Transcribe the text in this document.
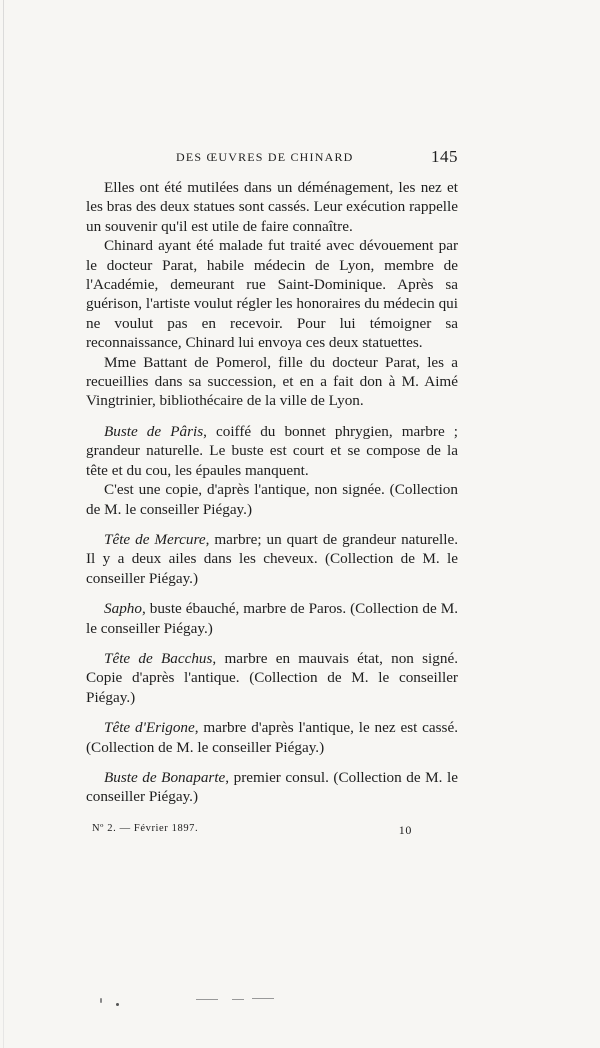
DES ŒUVRES DE CHINARD	145

Elles ont été mutilées dans un déménagement, les nez et les bras des deux statues sont cassés. Leur exécution rappelle un souvenir qu'il est utile de faire connaître.

Chinard ayant été malade fut traité avec dévouement par le docteur Parat, habile médecin de Lyon, membre de l'Académie, demeurant rue Saint-Dominique. Après sa guérison, l'artiste voulut régler les honoraires du médecin qui ne voulut pas en recevoir. Pour lui témoigner sa reconnaissance, Chinard lui envoya ces deux statuettes.

Mme Battant de Pomerol, fille du docteur Parat, les a recueillies dans sa succession, et en a fait don à M. Aimé Vingtrinier, bibliothécaire de la ville de Lyon.

Buste de Pâris, coiffé du bonnet phrygien, marbre ; grandeur naturelle. Le buste est court et se compose de la tête et du cou, les épaules manquent.

C'est une copie, d'après l'antique, non signée. (Collection de M. le conseiller Piégay.)

Tête de Mercure, marbre; un quart de grandeur naturelle. Il y a deux ailes dans les cheveux. (Collection de M. le conseiller Piégay.)

Sapho, buste ébauché, marbre de Paros. (Collection de M. le conseiller Piégay.)

Tête de Bacchus, marbre en mauvais état, non signé. Copie d'après l'antique. (Collection de M. le conseiller Piégay.)

Tête d'Erigone, marbre d'après l'antique, le nez est cassé. (Collection de M. le conseiller Piégay.)

Buste de Bonaparte, premier consul. (Collection de M. le conseiller Piégay.)

Nº 2. — Février 1897.	10
